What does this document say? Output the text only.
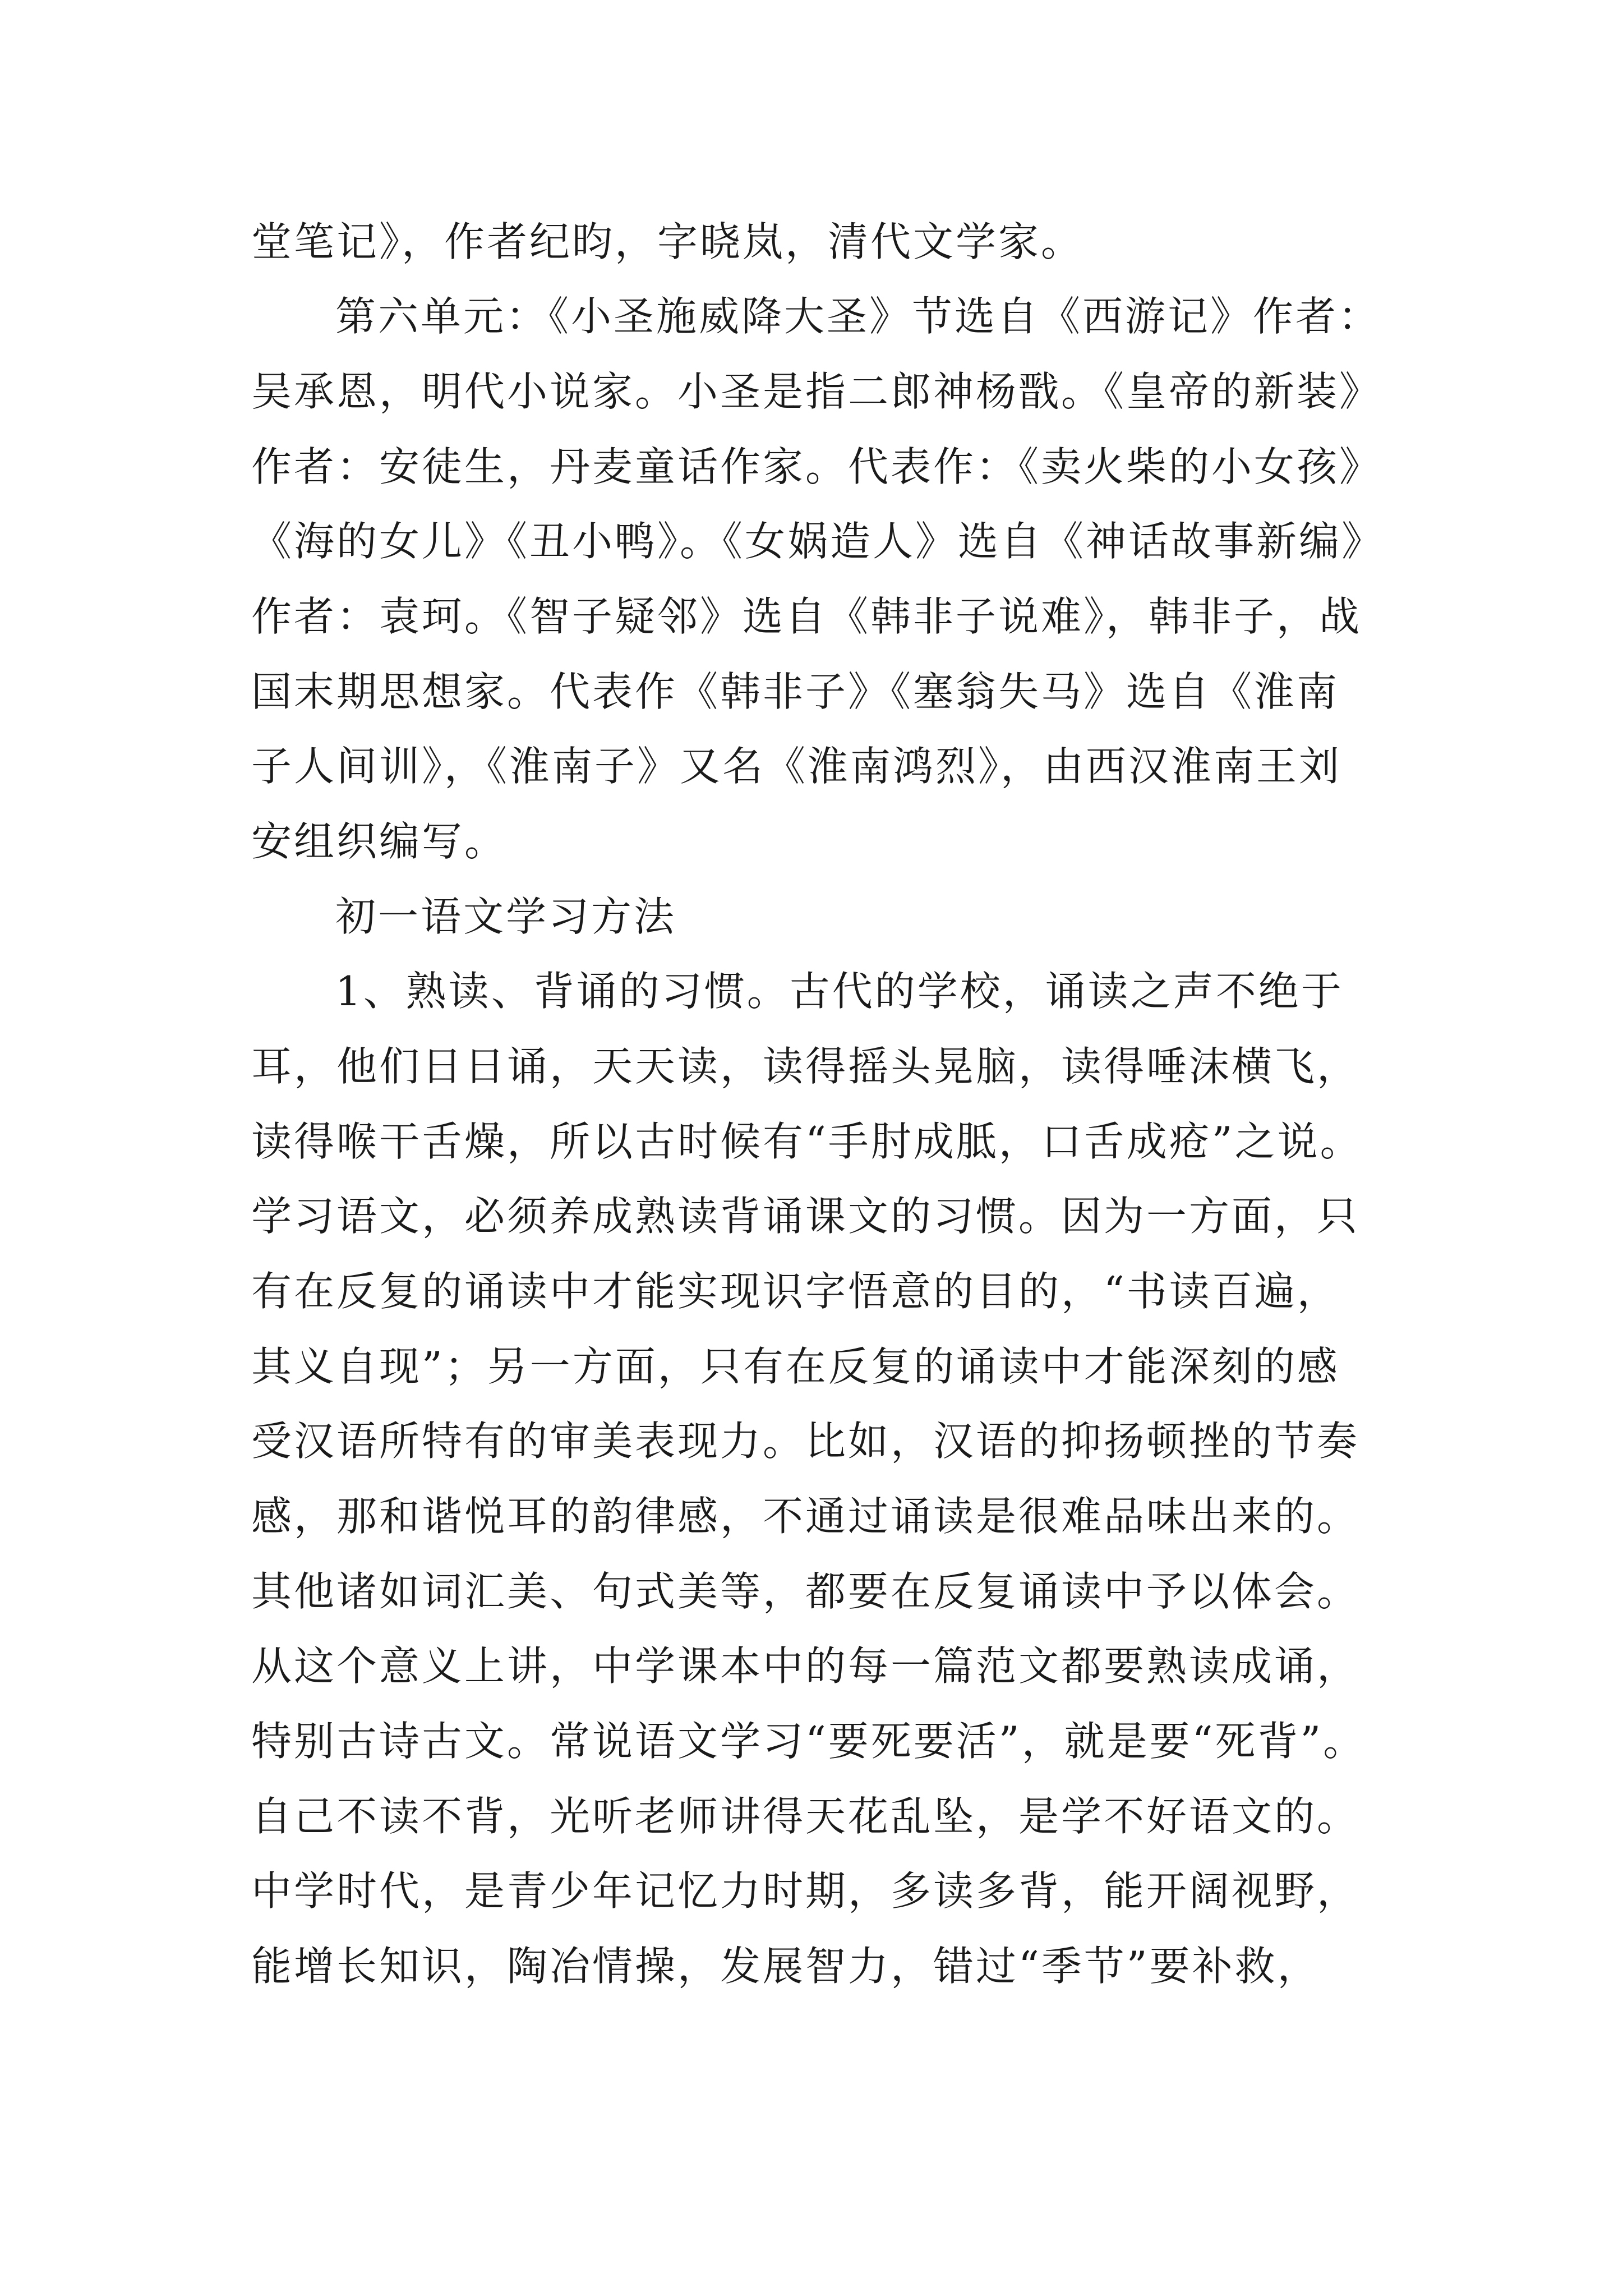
堂笔记》，作者纪昀，字晓岚，清代文学家。
第六单元：《小圣施威降大圣》节选自《西游记》作者：
吴承恩，明代小说家。小圣是指二郎神杨戬。《皇帝的新装》
作者：安徒生，丹麦童话作家。代表作：《卖火柴的小女孩》
《海的女儿》《丑小鸭》。《女娲造人》选自《神话故事新编》
作者：袁珂。《智子疑邻》选自《韩非子说难》，韩非子，战
国末期思想家。代表作《韩非子》《塞翁失马》选自《淮南
子人间训》，《淮南子》又名《淮南鸿烈》，由西汉淮南王刘
安组织编写。
初一语文学习方法
1、熟读、背诵的习惯。古代的学校，诵读之声不绝于
耳，他们日日诵，天天读，读得摇头晃脑，读得唾沫横飞，
读得喉干舌燥，所以古时候有“手肘成胝，口舌成疮”之说。
学习语文，必须养成熟读背诵课文的习惯。因为一方面，只
有在反复的诵读中才能实现识字悟意的目的，“书读百遍，
其义自现”；另一方面，只有在反复的诵读中才能深刻的感
受汉语所特有的审美表现力。比如，汉语的抑扬顿挫的节奏
感，那和谐悦耳的韵律感，不通过诵读是很难品味出来的。
其他诸如词汇美、句式美等，都要在反复诵读中予以体会。
从这个意义上讲，中学课本中的每一篇范文都要熟读成诵，
特别古诗古文。常说语文学习“要死要活”，就是要“死背”。
自己不读不背，光听老师讲得天花乱坠，是学不好语文的。
中学时代，是青少年记忆力时期，多读多背，能开阔视野，
能增长知识，陶冶情操，发展智力，错过“季节”要补救，
